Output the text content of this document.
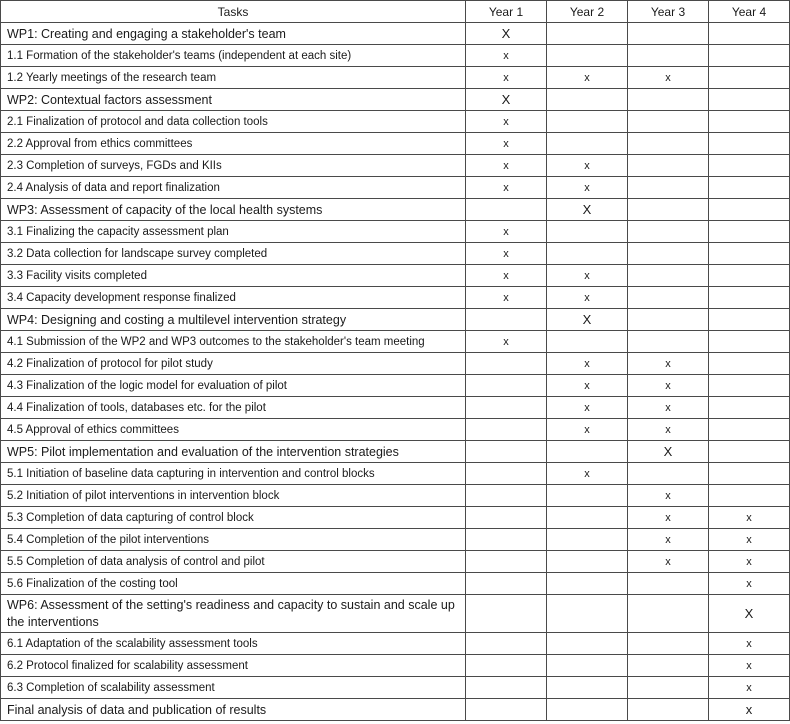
Tasks	Year 1	Year 2	Year 3	Year 4
WP1: Creating and engaging a stakeholder's team	X			
1.1 Formation of the stakeholder's teams (independent at each site)	x			
1.2 Yearly meetings of the research team	x	x	x	
WP2: Contextual factors assessment	X			
2.1 Finalization of protocol and data collection tools	x			
2.2 Approval from ethics committees	x			
2.3 Completion of surveys, FGDs and KIIs	x	x		
2.4 Analysis of data and report finalization	x	x		
WP3: Assessment of capacity of the local health systems		X		
3.1 Finalizing the capacity assessment plan	x			
3.2 Data collection for landscape survey completed	x			
3.3 Facility visits completed	x	x		
3.4 Capacity development response finalized	x	x		
WP4: Designing and costing a multilevel intervention strategy		X		
4.1 Submission of the WP2 and WP3 outcomes to the stakeholder's team meeting	x			
4.2 Finalization of protocol for pilot study		x	x	
4.3 Finalization of the logic model for evaluation of pilot		x	x	
4.4 Finalization of tools, databases etc. for the pilot		x	x	
4.5 Approval of ethics committees		x	x	
WP5: Pilot implementation and evaluation of the intervention strategies			X	
5.1 Initiation of baseline data capturing in intervention and control blocks		x		
5.2 Initiation of pilot interventions in intervention block			x	
5.3 Completion of data capturing of control block			x	x
5.4 Completion of the pilot interventions			x	x
5.5 Completion of data analysis of control and pilot			x	x
5.6 Finalization of the costing tool				x
WP6: Assessment of the setting's readiness and capacity to sustain and scale up the interventions				X
6.1 Adaptation of the scalability assessment tools				x
6.2 Protocol finalized for scalability assessment				x
6.3 Completion of scalability assessment				x
Final analysis of data and publication of results				x
